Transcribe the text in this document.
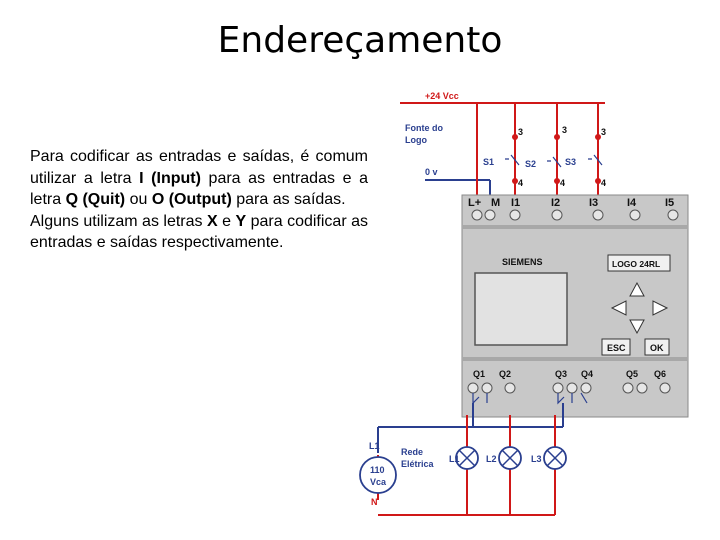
Endereçamento
Para codificar as entradas e saídas, é comum utilizar a letra I (Input) para as entradas e a letra Q (Quit) ou O (Output) para as saídas.
Alguns utilizam as letras X e Y para codificar as entradas e saídas respectivamente.
+24 Vcc
Fonte do
Logo
0 v
S1	S2	S3
3	3	3
4	4	4
L+ M I1	I2	I3	I4	I5
SIEMENS	LOGO 24RL
ESC	OK
Q1 Q2	Q3 Q4	Q5 Q6
L1
N
110
Vca
Rede
Elétrica L1	L2	L3
